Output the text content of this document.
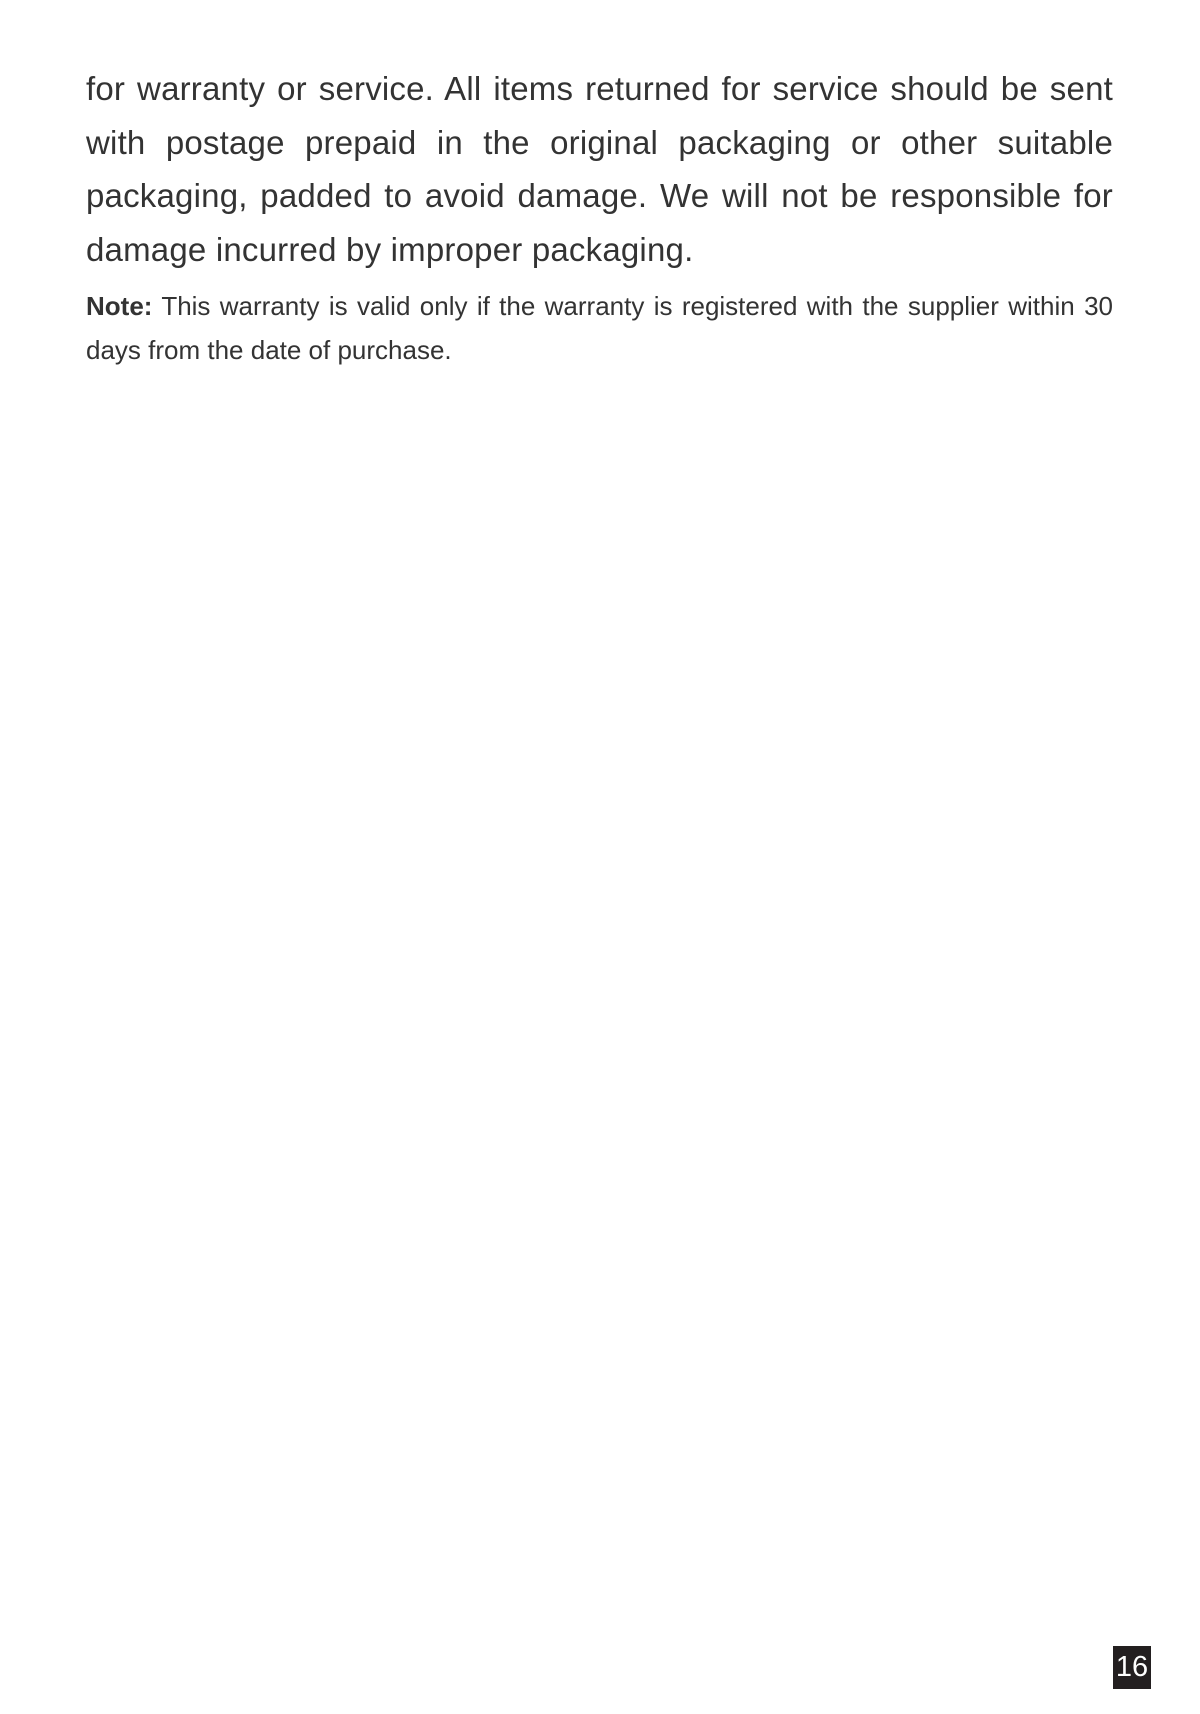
for warranty or service. All items returned for service should be sent with postage prepaid in the original packaging or other suitable packaging, padded to avoid damage. We will not be responsible for damage incurred by improper packaging.

Note: This warranty is valid only if the warranty is registered with the supplier within 30 days from the date of purchase.

16
